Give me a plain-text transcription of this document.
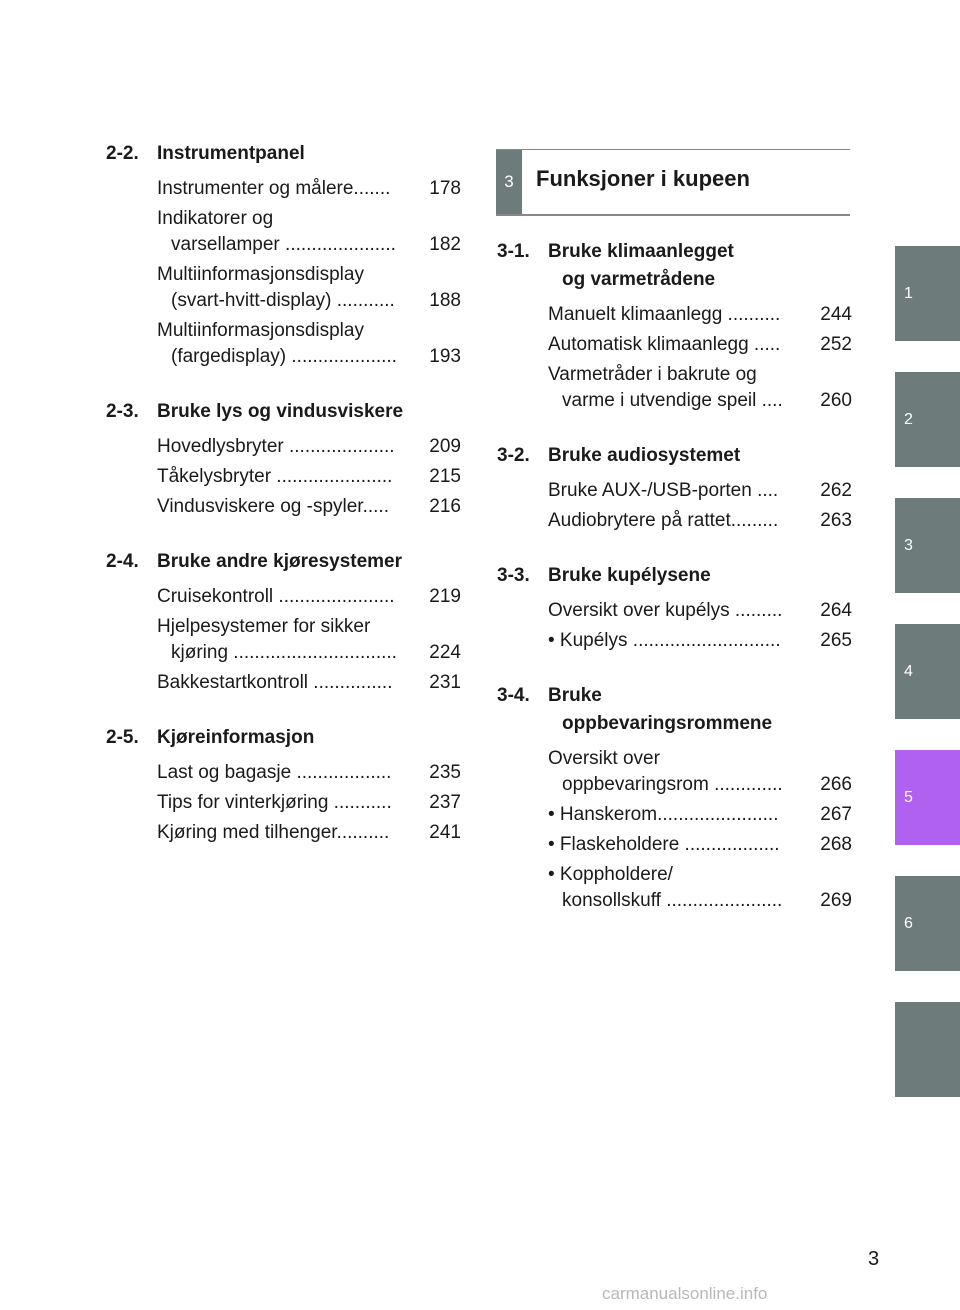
2-2. Instrumentpanel
Instrumenter og målere.......	178
Indikatorer og
varsellamper .....................	182
Multiinformasjonsdisplay
(svart-hvitt-display) ...........	188
Multiinformasjonsdisplay
(fargedisplay) ....................	193
2-3. Bruke lys og vindusviskere
Hovedlysbryter ....................	209
Tåkelysbryter ......................	215
Vindusviskere og -spyler.....	216
2-4. Bruke andre kjøresystemer
Cruisekontroll ......................	219
Hjelpesystemer for sikker
kjøring ...............................	224
Bakkestartkontroll ...............	231
2-5. Kjøreinformasjon
Last og bagasje ..................	235
Tips for vinterkjøring ...........	237
Kjøring med tilhenger..........	241
3-1. Bruke klimaanlegget
og varmetrådene
Manuelt klimaanlegg ..........	244
Automatisk klimaanlegg .....	252
Varmetråder i bakrute og
varme i utvendige speil ....	260
3-2. Bruke audiosystemet
Bruke AUX-/USB-porten ....	262
Audiobrytere på rattet.........	263
3-3. Bruke kupélysene
Oversikt over kupélys .........	264
• Kupélys ............................	265
3-4. Bruke
oppbevaringsrommene
Oversikt over
oppbevaringsrom .............	266
• Hanskerom.......................	267
• Flaskeholdere ..................	268
• Koppholdere/
konsollskuff ......................	269
3	Funksjoner i kupeen
1
2
3
4
5
6
3
carmanualsonline.info
